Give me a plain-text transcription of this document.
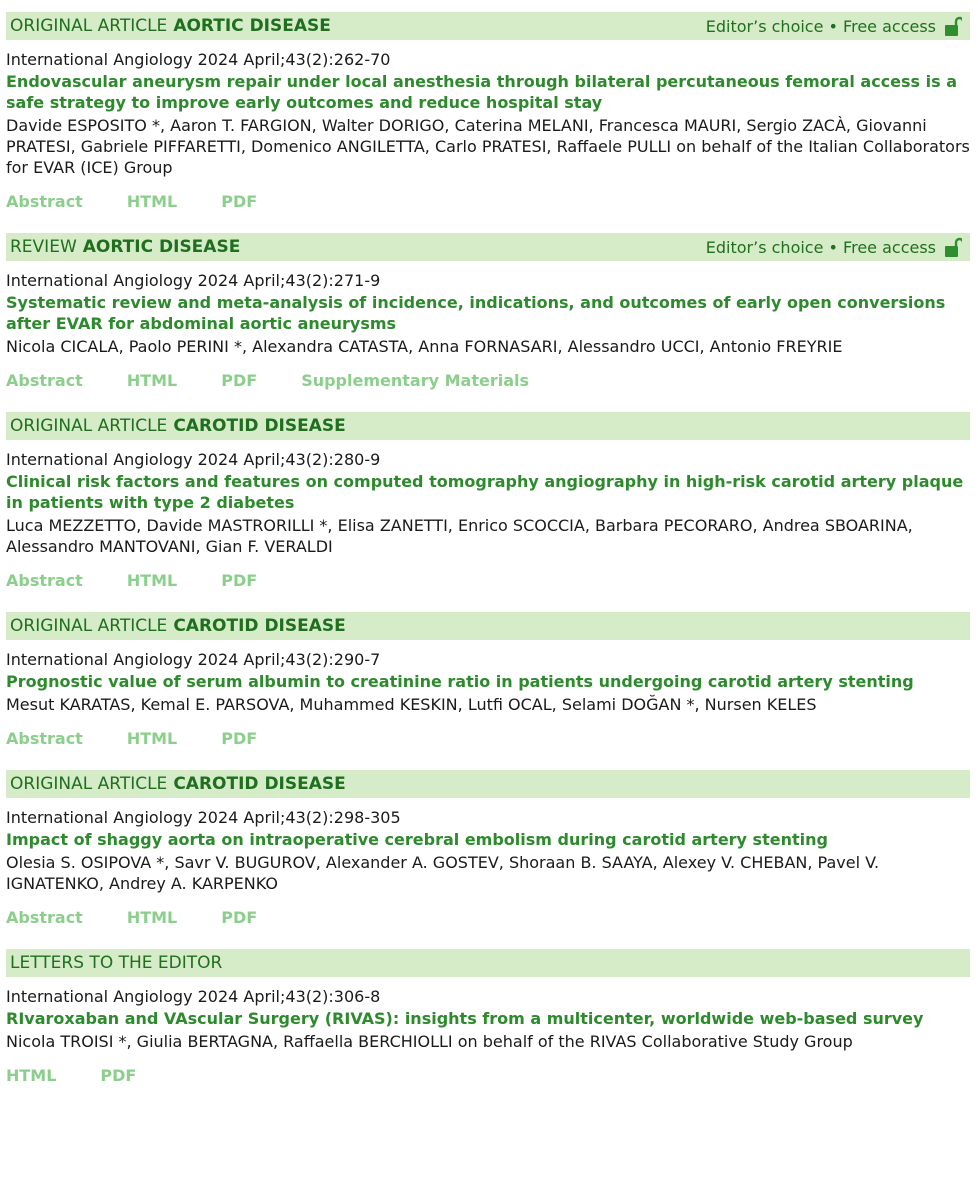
ORIGINAL ARTICLE AORTIC DISEASE	Editor’s choice • Free access
International Angiology 2024 April;43(2):262-70
Endovascular aneurysm repair under local anesthesia through bilateral percutaneous femoral access is a safe strategy to improve early outcomes and reduce hospital stay
Davide ESPOSITO *, Aaron T. FARGION, Walter DORIGO, Caterina MELANI, Francesca MAURI, Sergio ZACÀ, Giovanni PRATESI, Gabriele PIFFARETTI, Domenico ANGILETTA, Carlo PRATESI, Raffaele PULLI on behalf of the Italian Collaborators for EVAR (ICE) Group
Abstract	HTML	PDF
REVIEW AORTIC DISEASE	Editor’s choice • Free access
International Angiology 2024 April;43(2):271-9
Systematic review and meta-analysis of incidence, indications, and outcomes of early open conversions after EVAR for abdominal aortic aneurysms
Nicola CICALA, Paolo PERINI *, Alexandra CATASTA, Anna FORNASARI, Alessandro UCCI, Antonio FREYRIE
Abstract	HTML	PDF	Supplementary Materials
ORIGINAL ARTICLE CAROTID DISEASE
International Angiology 2024 April;43(2):280-9
Clinical risk factors and features on computed tomography angiography in high-risk carotid artery plaque in patients with type 2 diabetes
Luca MEZZETTO, Davide MASTRORILLI *, Elisa ZANETTI, Enrico SCOCCIA, Barbara PECORARO, Andrea SBOARINA, Alessandro MANTOVANI, Gian F. VERALDI
Abstract	HTML	PDF
ORIGINAL ARTICLE CAROTID DISEASE
International Angiology 2024 April;43(2):290-7
Prognostic value of serum albumin to creatinine ratio in patients undergoing carotid artery stenting
Mesut KARATAS, Kemal E. PARSOVA, Muhammed KESKIN, Lutfi OCAL, Selami DOĞAN *, Nursen KELES
Abstract	HTML	PDF
ORIGINAL ARTICLE CAROTID DISEASE
International Angiology 2024 April;43(2):298-305
Impact of shaggy aorta on intraoperative cerebral embolism during carotid artery stenting
Olesia S. OSIPOVA *, Savr V. BUGUROV, Alexander A. GOSTEV, Shoraan B. SAAYA, Alexey V. CHEBAN, Pavel V. IGNATENKO, Andrey A. KARPENKO
Abstract	HTML	PDF
LETTERS TO THE EDITOR
International Angiology 2024 April;43(2):306-8
RIvaroxaban and VAscular Surgery (RIVAS): insights from a multicenter, worldwide web-based survey
Nicola TROISI *, Giulia BERTAGNA, Raffaella BERCHIOLLI on behalf of the RIVAS Collaborative Study Group
HTML	PDF
